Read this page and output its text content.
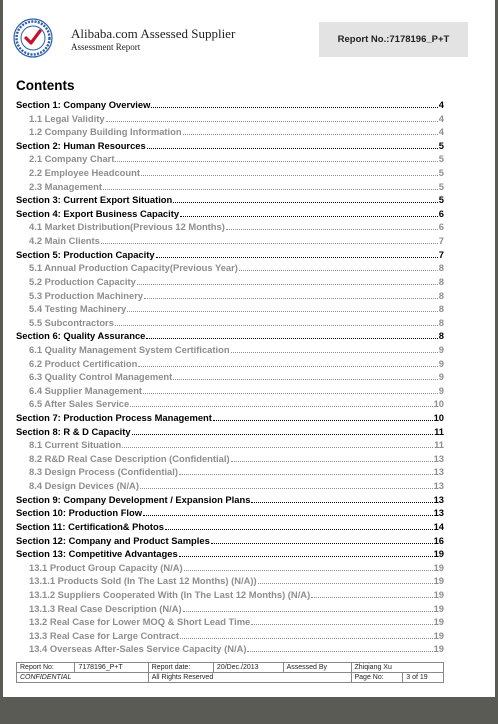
Alibaba.com Assessed Supplier
Assessment Report
Report No.:7178196_P+T
Contents
Section 1: Company Overview	4
1.1 Legal Validity	4
1.2 Company Building Information	4
Section 2: Human Resources	5
2.1 Company Chart	5
2.2 Employee Headcount	5
2.3 Management	5
Section 3: Current Export Situation	5
Section 4: Export Business Capacity	6
4.1 Market Distribution(Previous 12 Months)	6
4.2 Main Clients	7
Section 5: Production Capacity	7
5.1 Annual Production Capacity(Previous Year)	8
5.2 Production Capacity	8
5.3 Production Machinery	8
5.4 Testing Machinery	8
5.5 Subcontractors	8
Section 6: Quality Assurance	8
6.1 Quality Management System Certification	9
6.2 Product Certification	9
6.3 Quality Control Management	9
6.4 Supplier Management	9
6.5 After Sales Service	10
Section 7: Production Process Management	10
Section 8: R & D Capacity	11
8.1 Current Situation	11
8.2 R&D Real Case Description (Confidential)	13
8.3 Design Process (Confidential)	13
8.4 Design Devices (N/A)	13
Section 9: Company Development / Expansion Plans	13
Section 10: Production Flow	13
Section 11: Certification& Photos	14
Section 12: Company and Product Samples	16
Section 13: Competitive Advantages	19
13.1 Product Group Capacity (N/A)	19
13.1.1 Products Sold (In The Last 12 Months) (N/A))	19
13.1.2 Suppliers Cooperated With (In The Last 12 Months) (N/A)	19
13.1.3 Real Case Description (N/A)	19
13.2 Real Case for Lower MOQ & Short Lead Time	19
13.3 Real Case for Large Contract	19
13.4 Overseas After-Sales Service Capacity (N/A)	19
Report No:	7178196_P+T	Report date:	20/Dec./2013	Assessed By	Zhiqiang Xu	
CONFIDENTIAL		All Rights Reserved			Page No:	3 of 19
